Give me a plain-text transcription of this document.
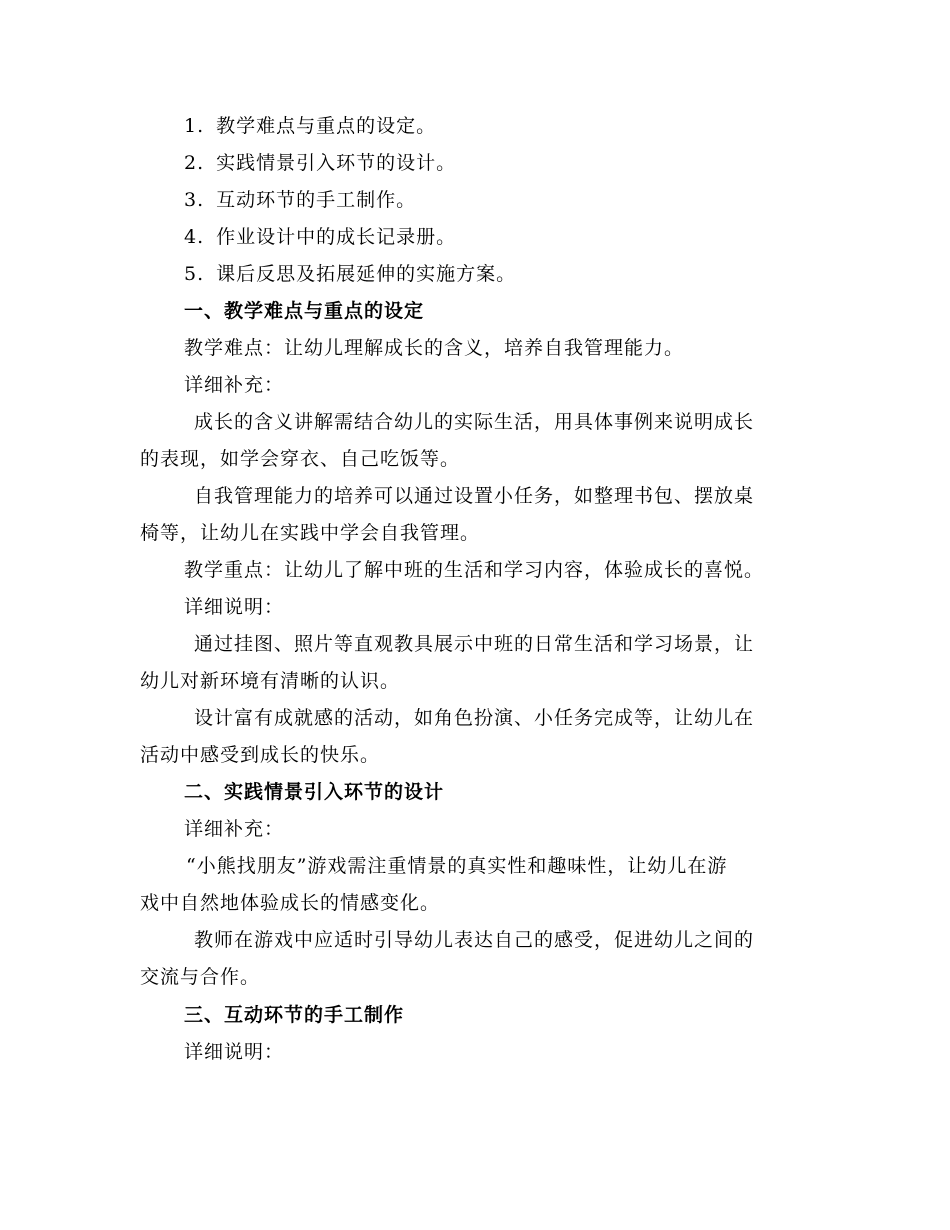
1. 教学难点与重点的设定。
2. 实践情景引入环节的设计。
3. 互动环节的手工制作。
4. 作业设计中的成长记录册。
5. 课后反思及拓展延伸的实施方案。
一、教学难点与重点的设定
教学难点：让幼儿理解成长的含义，培养自我管理能力。
详细补充：
成长的含义讲解需结合幼儿的实际生活，用具体事例来说明成长
的表现，如学会穿衣、自己吃饭等。
自我管理能力的培养可以通过设置小任务，如整理书包、摆放桌
椅等，让幼儿在实践中学会自我管理。
教学重点：让幼儿了解中班的生活和学习内容，体验成长的喜悦。
详细说明：
通过挂图、照片等直观教具展示中班的日常生活和学习场景，让
幼儿对新环境有清晰的认识。
设计富有成就感的活动，如角色扮演、小任务完成等，让幼儿在
活动中感受到成长的快乐。
二、实践情景引入环节的设计
详细补充：
“小熊找朋友”游戏需注重情景的真实性和趣味性，让幼儿在游
戏中自然地体验成长的情感变化。
教师在游戏中应适时引导幼儿表达自己的感受，促进幼儿之间的
交流与合作。
三、互动环节的手工制作
详细说明：
